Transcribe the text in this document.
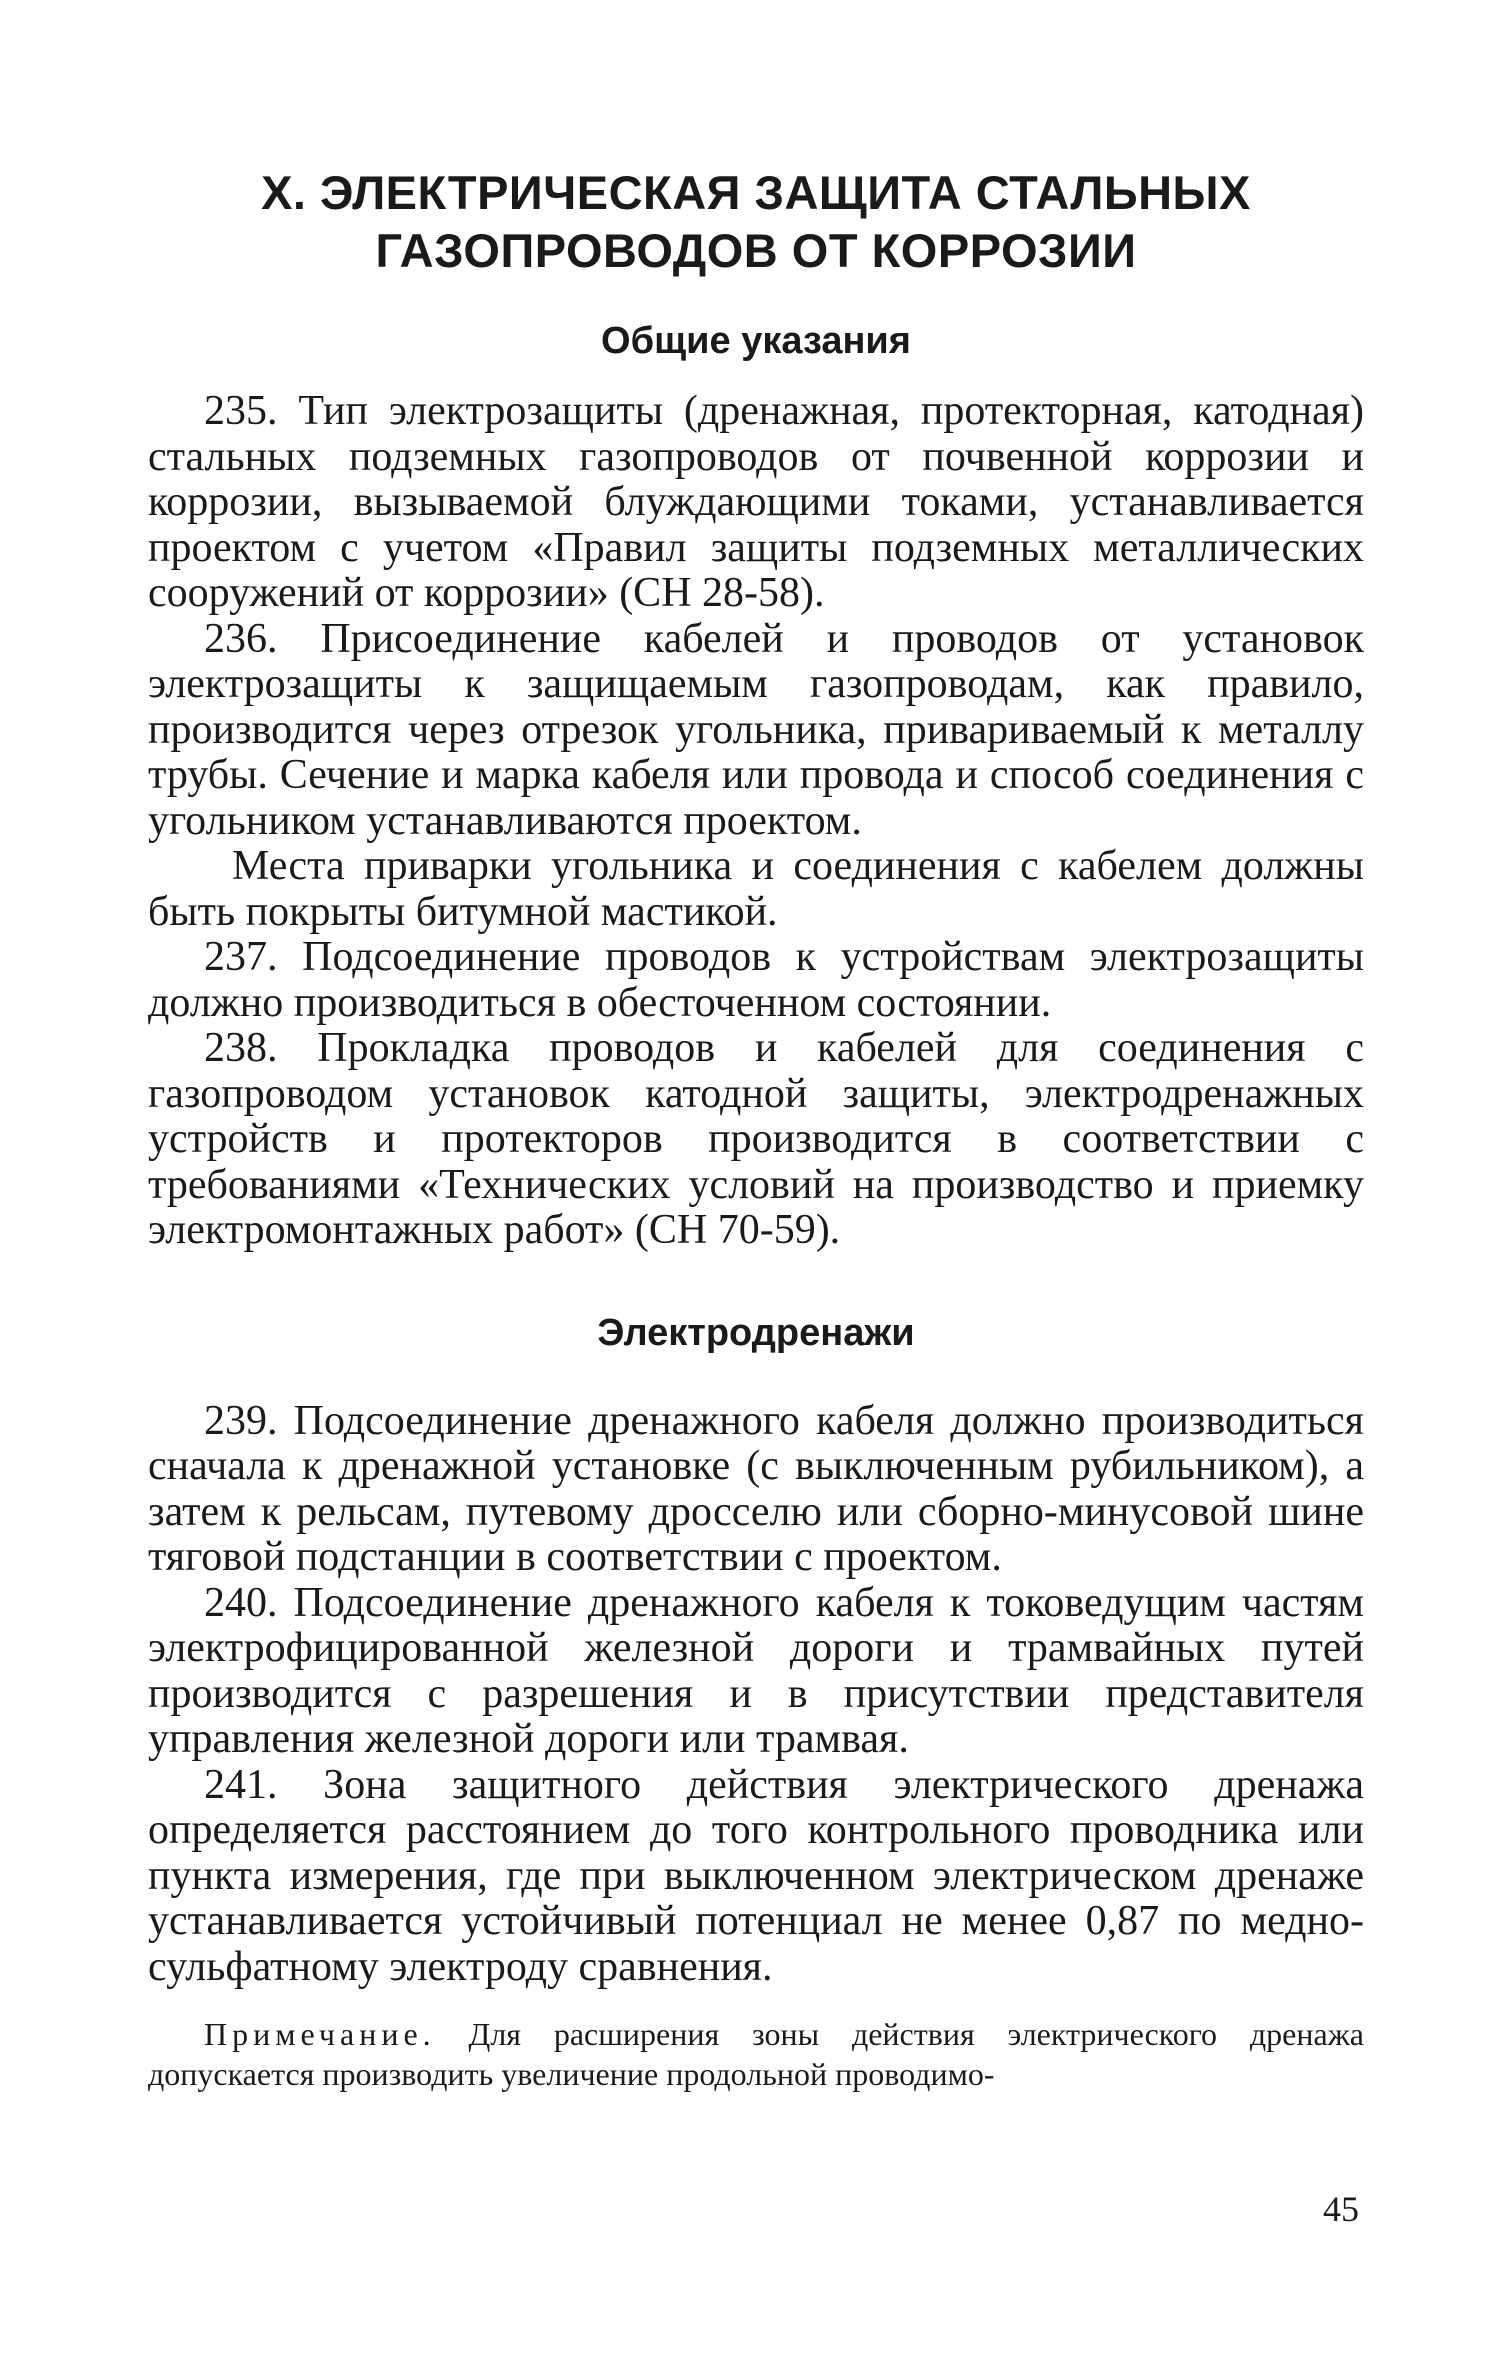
X. ЭЛЕКТРИЧЕСКАЯ ЗАЩИТА СТАЛЬНЫХ
ГАЗОПРОВОДОВ ОТ КОРРОЗИИ
Общие указания

235. Тип электрозащиты (дренажная, протекторная, катодная) стальных подземных газопроводов от почвенной коррозии и коррозии, вызываемой блуждающими токами, устанавливается проектом с учетом «Правил защиты подземных металлических сооружений от коррозии» (СН 28-58).

236. Присоединение кабелей и проводов от установок электрозащиты к защищаемым газопроводам, как правило, производится через отрезок угольника, привариваемый к металлу трубы. Сечение и марка кабеля или провода и способ соединения с угольником устанавливаются проектом.

Места приварки угольника и соединения с кабелем должны быть покрыты битумной мастикой.

237. Подсоединение проводов к устройствам электрозащиты должно производиться в обесточенном состоянии.

238. Прокладка проводов и кабелей для соединения с газопроводом установок катодной защиты, электродренажных устройств и протекторов производится в соответствии с требованиями «Технических условий на производство и приемку электромонтажных работ» (СН 70-59).

Электродренажи

239. Подсоединение дренажного кабеля должно производиться сначала к дренажной установке (с выключенным рубильником), а затем к рельсам, путевому дросселю или сборно-минусовой шине тяговой подстанции в соответствии с проектом.

240. Подсоединение дренажного кабеля к токоведущим частям электрофицированной железной дороги и трамвайных путей производится с разрешения и в присутствии представителя управления железной дороги или трамвая.

241. Зона защитного действия электрического дренажа определяется расстоянием до того контрольного проводника или пункта измерения, где при выключенном электрическом дренаже устанавливается устойчивый потенциал не менее 0,87 по медно-сульфатному электроду сравнения.

Примечание. Для расширения зоны действия электрического дренажа допускается производить увеличение продольной проводимо-

45
